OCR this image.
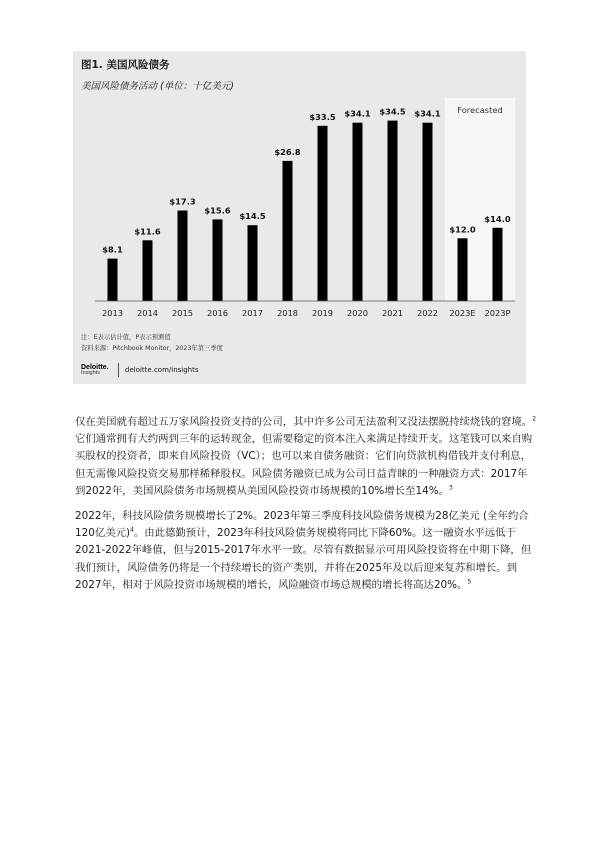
图1. 美国风险债务
美国风险债务活动 (单位：十亿美元)
Forecasted
$8.1
2013
$11.6
2014
$17.3
2015
$15.6
2016
$14.5
2017
$26.8
2018
$33.5
2019
$34.1
2020
$34.5
2021
$34.1
2022
$12.0
2023E
$14.0
2023P
注：E表示估计值，P表示预测值
资料来源：Pitchbook Monitor，2023年第三季度
Deloitte.
Insights	deloitte.com/insights

仅在美国就有超过五万家风险投资支持的公司，其中许多公司无法盈利又没法摆脱持续烧钱的窘境。$^2$它们通常拥有大约两到三年的运转现金，但需要稳定的资本注入来满足持续开支。这笔钱可以来自购买股权的投资者，即来自风险投资（VC）；也可以来自债务融资：它们向贷款机构借钱并支付利息，但无需像风险投资交易那样稀释股权。风险债务融资已成为公司日益青睐的一种融资方式：2017年到2022年，美国风险债务市场规模从美国风险投资市场规模的10%增长至14%。$^3$

2022年，科技风险债务规模增长了2%。2023年第三季度科技风险债务规模为28亿美元 (全年约合120亿美元)$^4$。由此德勤预计，2023年科技风险债务规模将同比下降60%。这一融资水平远低于2021-2022年峰值，但与2015-2017年水平一致。尽管有数据显示可用风险投资将在中期下降，但我们预计，风险债务仍将是一个持续增长的资产类别，并将在2025年及以后迎来复苏和增长。到2027年，相对于风险投资市场规模的增长，风险融资市场总规模的增长将高达20%。$^5$
